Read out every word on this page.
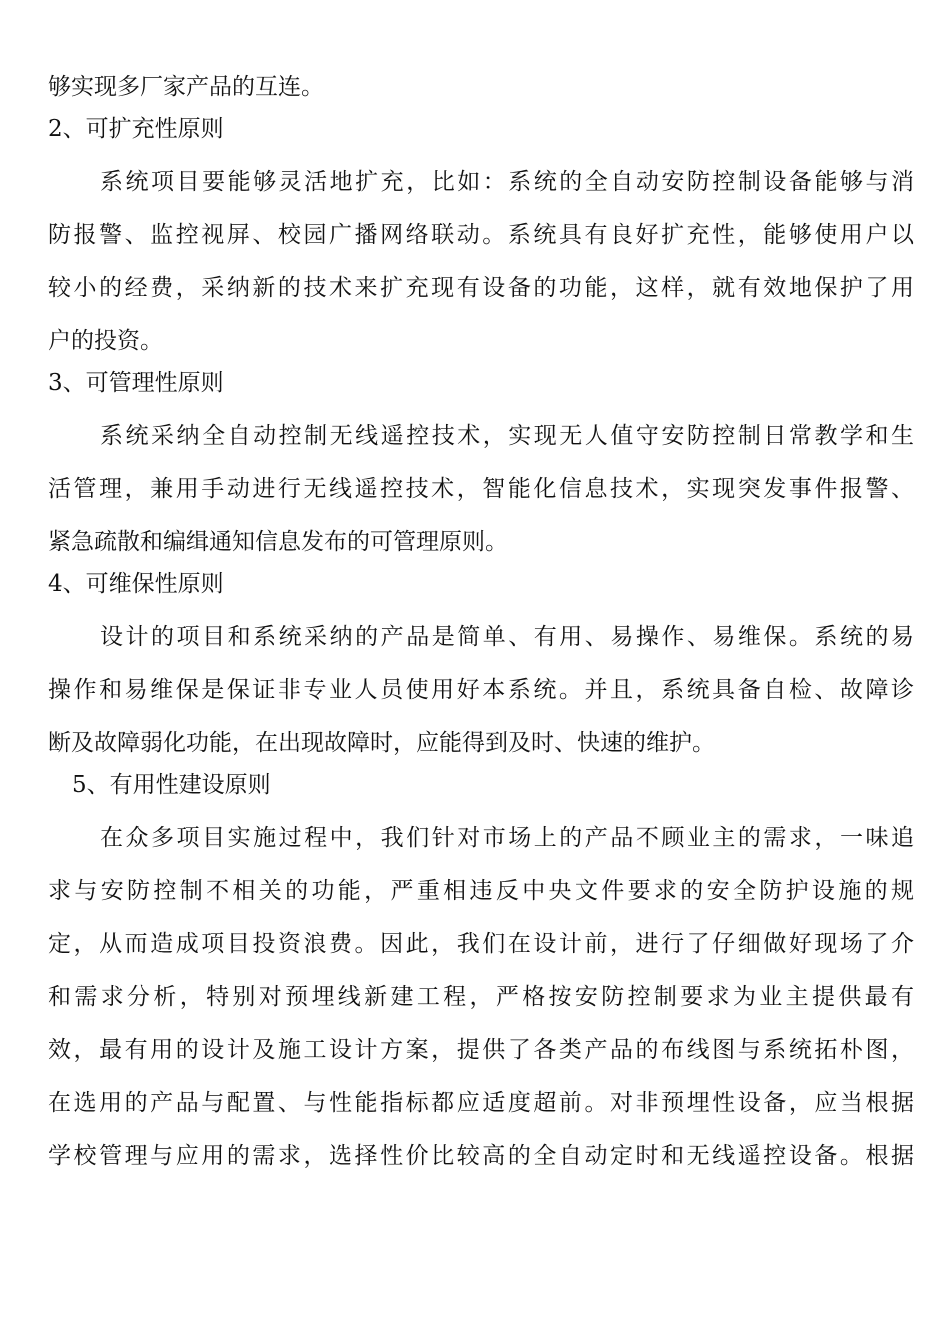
够实现多厂家产品的互连。

2、可扩充性原则

系统项目要能够灵活地扩充，比如：系统的全自动安防控制设备能够与消

防报警、监控视屏、校园广播网络联动。系统具有良好扩充性，能够使用户以

较小的经费，采纳新的技术来扩充现有设备的功能，这样，就有效地保护了用

户的投资。

3、可管理性原则

系统采纳全自动控制无线遥控技术，实现无人值守安防控制日常教学和生

活管理，兼用手动进行无线遥控技术，智能化信息技术，实现突发事件报警、

紧急疏散和编缉通知信息发布的可管理原则。

4、可维保性原则

设计的项目和系统采纳的产品是简单、有用、易操作、易维保。系统的易

操作和易维保是保证非专业人员使用好本系统。并且，系统具备自检、故障诊

断及故障弱化功能，在出现故障时，应能得到及时、快速的维护。

5、有用性建设原则

在众多项目实施过程中，我们针对市场上的产品不顾业主的需求，一味追

求与安防控制不相关的功能，严重相违反中央文件要求的安全防护设施的规

定，从而造成项目投资浪费。因此，我们在设计前，进行了仔细做好现场了介

和需求分析，特别对预埋线新建工程，严格按安防控制要求为业主提供最有

效，最有用的设计及施工设计方案，提供了各类产品的布线图与系统拓朴图，

在选用的产品与配置、与性能指标都应适度超前。对非预埋性设备，应当根据

学校管理与应用的需求，选择性价比较高的全自动定时和无线遥控设备。根据
